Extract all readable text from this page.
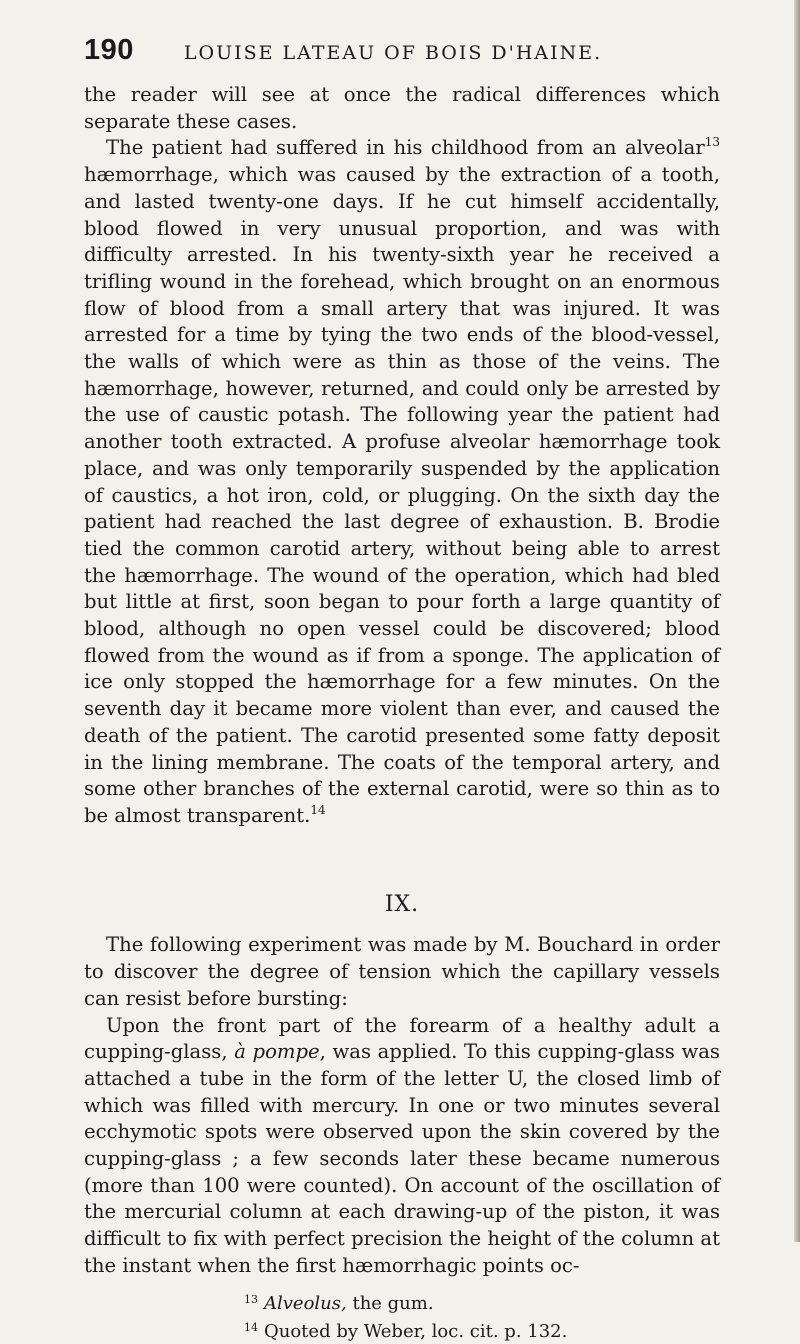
190	LOUISE LATEAU OF BOIS D'HAINE.

the reader will see at once the radical differences which separate these cases.

The patient had suffered in his childhood from an alveolar$^{13}$ hæmorrhage, which was caused by the extraction of a tooth, and lasted twenty-one days. If he cut himself accidentally, blood flowed in very unusual proportion, and was with difficulty arrested. In his twenty-sixth year he received a trifling wound in the forehead, which brought on an enormous flow of blood from a small artery that was injured. It was arrested for a time by tying the two ends of the blood-vessel, the walls of which were as thin as those of the veins. The hæmorrhage, however, returned, and could only be arrested by the use of caustic potash. The following year the patient had another tooth extracted. A profuse alveolar hæmorrhage took place, and was only temporarily suspended by the application of caustics, a hot iron, cold, or plugging. On the sixth day the patient had reached the last degree of exhaustion. B. Brodie tied the common carotid artery, without being able to arrest the hæmorrhage. The wound of the operation, which had bled but little at first, soon began to pour forth a large quantity of blood, although no open vessel could be discovered; blood flowed from the wound as if from a sponge. The application of ice only stopped the hæmorrhage for a few minutes. On the seventh day it became more violent than ever, and caused the death of the patient. The carotid presented some fatty deposit in the lining membrane. The coats of the temporal artery, and some other branches of the external carotid, were so thin as to be almost transparent.$^{14}$

IX.

The following experiment was made by M. Bouchard in order to discover the degree of tension which the capillary vessels can resist before bursting:

Upon the front part of the forearm of a healthy adult a cupping-glass, à pompe, was applied. To this cupping-glass was attached a tube in the form of the letter U, the closed limb of which was filled with mercury. In one or two minutes several ecchymotic spots were observed upon the skin covered by the cupping-glass ; a few seconds later these became numerous (more than 100 were counted). On account of the oscillation of the mercurial column at each drawing-up of the piston, it was difficult to fix with perfect precision the height of the column at the instant when the first hæmorrhagic points oc-

$^{13}$ Alveolus, the gum.
$^{14}$ Quoted by Weber, loc. cit. p. 132.
